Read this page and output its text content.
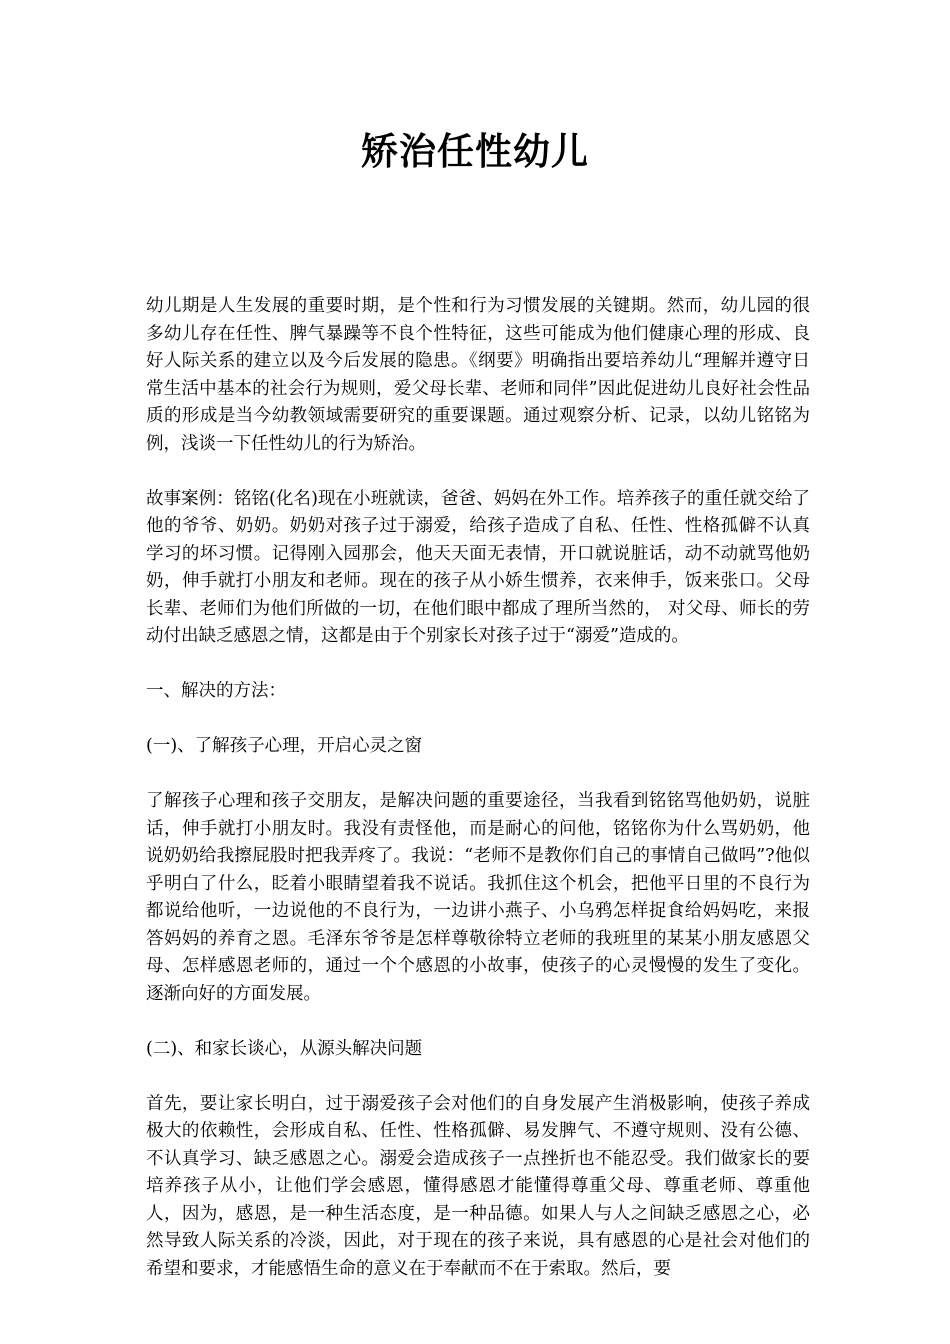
矫治任性幼儿

幼儿期是人生发展的重要时期，是个性和行为习惯发展的关键期。然而，幼儿园的很多幼儿存在任性、脾气暴躁等不良个性特征，这些可能成为他们健康心理的形成、良好人际关系的建立以及今后发展的隐患。《纲要》明确指出要培养幼儿“理解并遵守日常生活中基本的社会行为规则，爱父母长辈、老师和同伴”因此促进幼儿良好社会性品质的形成是当今幼教领域需要研究的重要课题。通过观察分析、记录，以幼儿铭铭为例，浅谈一下任性幼儿的行为矫治。

故事案例：铭铭(化名)现在小班就读，爸爸、妈妈在外工作。培养孩子的重任就交给了他的爷爷、奶奶。奶奶对孩子过于溺爱，给孩子造成了自私、任性、性格孤僻不认真学习的坏习惯。记得刚入园那会，他天天面无表情，开口就说脏话，动不动就骂他奶奶，伸手就打小朋友和老师。现在的孩子从小娇生惯养，衣来伸手，饭来张口。父母长辈、老师们为他们所做的一切，在他们眼中都成了理所当然的， 对父母、师长的劳动付出缺乏感恩之情，这都是由于个别家长对孩子过于“溺爱”造成的。

一、解决的方法：

(一)、了解孩子心理，开启心灵之窗

了解孩子心理和孩子交朋友，是解决问题的重要途径，当我看到铭铭骂他奶奶，说脏话，伸手就打小朋友时。我没有责怪他，而是耐心的问他，铭铭你为什么骂奶奶，他说奶奶给我擦屁股时把我弄疼了。我说：“老师不是教你们自己的事情自己做吗”?他似乎明白了什么，眨着小眼睛望着我不说话。我抓住这个机会，把他平日里的不良行为都说给他听，一边说他的不良行为，一边讲小燕子、小乌鸦怎样捉食给妈妈吃，来报答妈妈的养育之恩。毛泽东爷爷是怎样尊敬徐特立老师的我班里的某某小朋友感恩父母、怎样感恩老师的，通过一个个感恩的小故事，使孩子的心灵慢慢的发生了变化。逐渐向好的方面发展。

(二)、和家长谈心，从源头解决问题

首先，要让家长明白，过于溺爱孩子会对他们的自身发展产生消极影响，使孩子养成极大的依赖性，会形成自私、任性、性格孤僻、易发脾气、不遵守规则、没有公德、不认真学习、缺乏感恩之心。溺爱会造成孩子一点挫折也不能忍受。我们做家长的要培养孩子从小，让他们学会感恩，懂得感恩才能懂得尊重父母、尊重老师、尊重他人，因为，感恩，是一种生活态度，是一种品德。如果人与人之间缺乏感恩之心，必然导致人际关系的冷淡，因此，对于现在的孩子来说，具有感恩的心是社会对他们的希望和要求，才能感悟生命的意义在于奉献而不在于索取。然后，要
